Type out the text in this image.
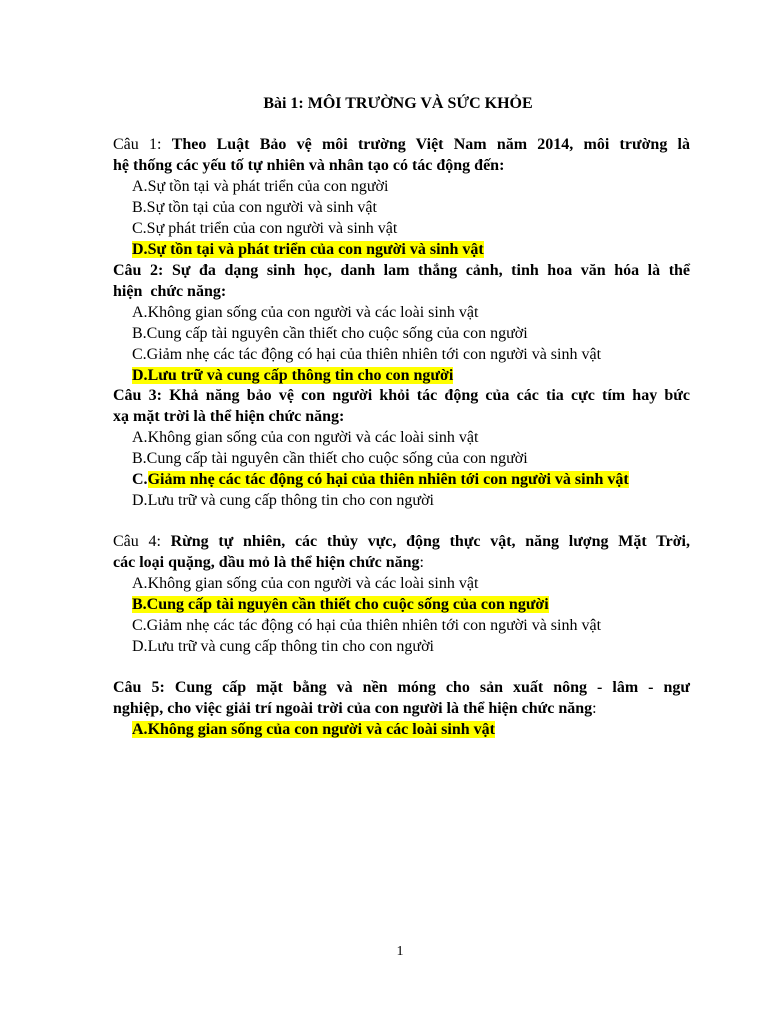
Bài 1: MÔI TRƯỜNG VÀ SỨC KHỎE
Câu 1: Theo Luật Bảo vệ môi trường Việt Nam năm 2014, môi trường là
hệ thống các yếu tố tự nhiên và nhân tạo có tác động đến:
A.Sự tồn tại và phát triển của con người
B.Sự tồn tại của con người và sinh vật
C.Sự phát triển của con người và sinh vật
D.Sự tồn tại và phát triển của con người và sinh vật
Câu 2: Sự đa dạng sinh học, danh lam thắng cảnh, tinh hoa văn hóa là thể
hiện  chức năng:
A.Không gian sống của con người và các loài sinh vật
B.Cung cấp tài nguyên cần thiết cho cuộc sống của con người
C.Giảm nhẹ các tác động có hại của thiên nhiên tới con người và sinh vật
D.Lưu trữ và cung cấp thông tin cho con người
Câu 3: Khả năng bảo vệ con người khỏi tác động của các tia cực tím hay bức
xạ mặt trời là thể hiện chức năng:
A.Không gian sống của con người và các loài sinh vật
B.Cung cấp tài nguyên cần thiết cho cuộc sống của con người
C.Giảm nhẹ các tác động có hại của thiên nhiên tới con người và sinh vật
D.Lưu trữ và cung cấp thông tin cho con người
Câu 4: Rừng tự nhiên, các thủy vực, động thực vật, năng lượng Mặt Trời,
các loại quặng, dầu mỏ là thể hiện chức năng:
A.Không gian sống của con người và các loài sinh vật
B.Cung cấp tài nguyên cần thiết cho cuộc sống của con người
C.Giảm nhẹ các tác động có hại của thiên nhiên tới con người và sinh vật
D.Lưu trữ và cung cấp thông tin cho con người
Câu 5: Cung cấp mặt bằng và nền móng cho sản xuất nông - lâm - ngư
nghiệp, cho việc giải trí ngoài trời của con người là thể hiện chức năng:
A.Không gian sống của con người và các loài sinh vật
1
